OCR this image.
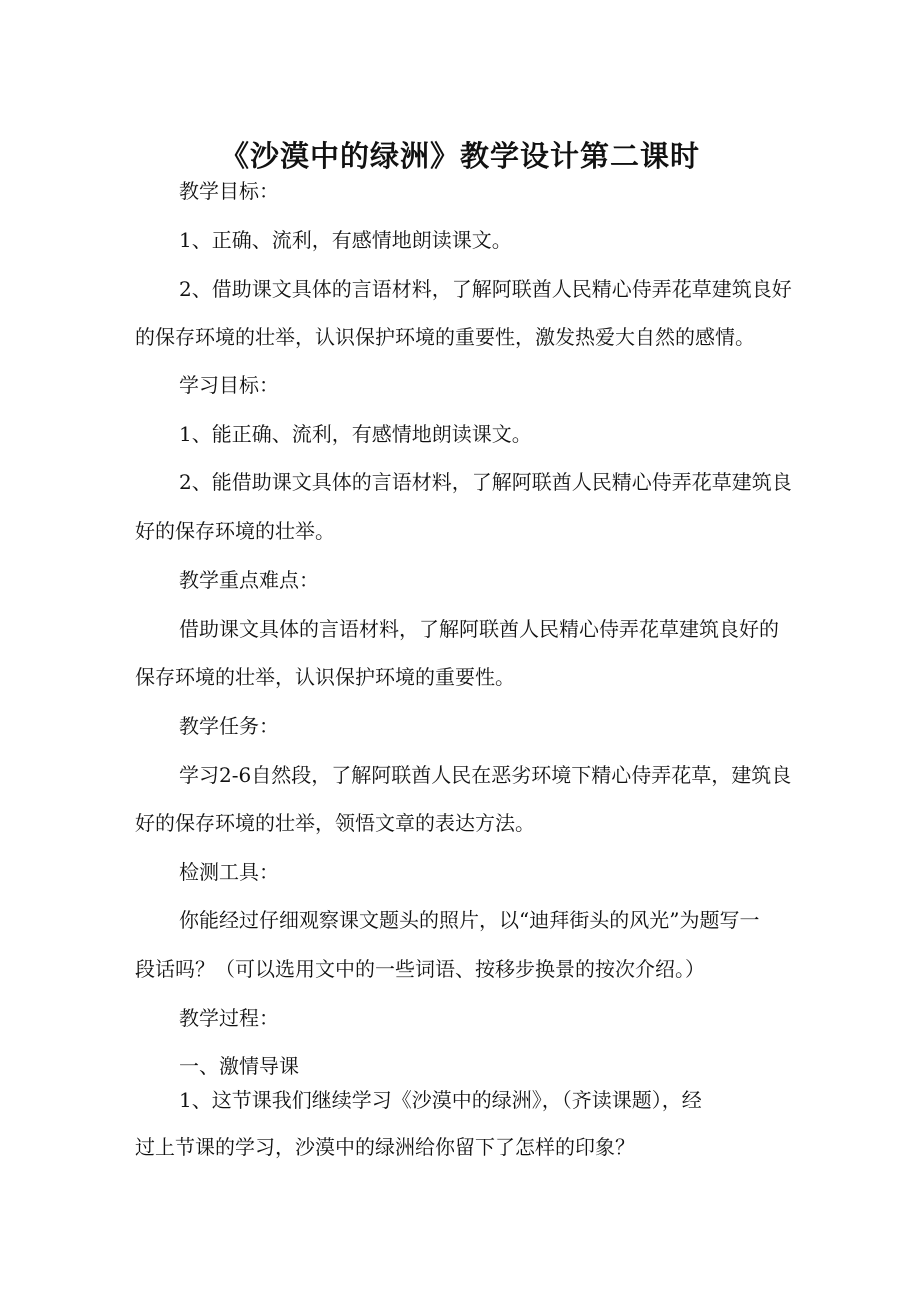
《沙漠中的绿洲》教学设计第二课时

教学目标：

1、正确、流利，有感情地朗读课文。

2、借助课文具体的言语材料，了解阿联酋人民精心侍弄花草建筑良好

的保存环境的壮举，认识保护环境的重要性，激发热爱大自然的感情。

学习目标：

1、能正确、流利，有感情地朗读课文。

2、能借助课文具体的言语材料，了解阿联酋人民精心侍弄花草建筑良

好的保存环境的壮举。

教学重点难点：

借助课文具体的言语材料，了解阿联酋人民精心侍弄花草建筑良好的

保存环境的壮举，认识保护环境的重要性。

教学任务：

学习2-6自然段，了解阿联酋人民在恶劣环境下精心侍弄花草，建筑良

好的保存环境的壮举，领悟文章的表达方法。

检测工具：

你能经过仔细观察课文题头的照片，以“迪拜街头的风光”为题写一

段话吗？（可以选用文中的一些词语、按移步换景的按次介绍。）

教学过程：

一、激情导课

1、这节课我们继续学习《沙漠中的绿洲》，（齐读课题），经

过上节课的学习，沙漠中的绿洲给你留下了怎样的印象？
